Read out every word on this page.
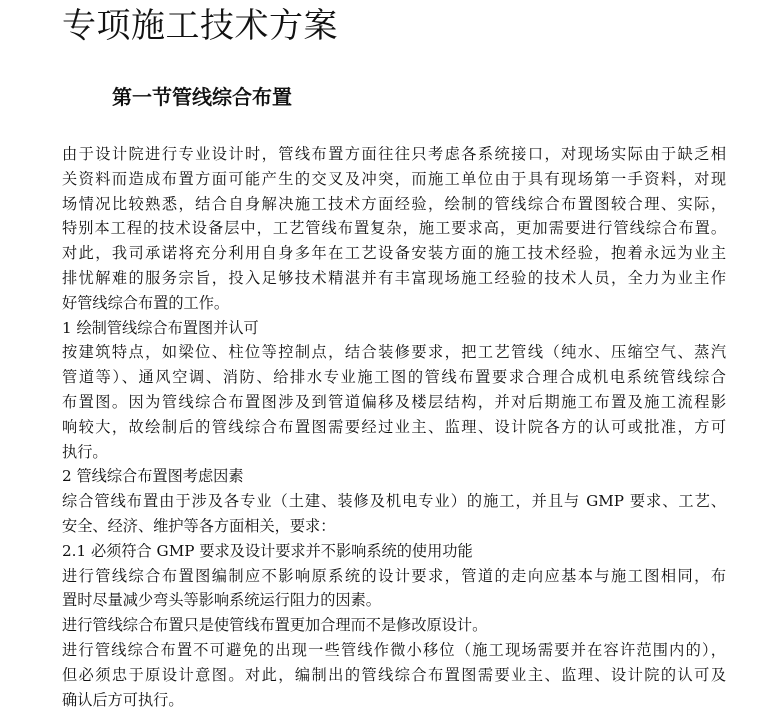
专项施工技术方案
第一节管线综合布置
由于设计院进行专业设计时，管线布置方面往往只考虑各系统接口，对现场实际由于缺乏相
关资料而造成布置方面可能产生的交叉及冲突，而施工单位由于具有现场第一手资料，对现
场情况比较熟悉，结合自身解决施工技术方面经验，绘制的管线综合布置图较合理、实际，
特别本工程的技术设备层中，工艺管线布置复杂，施工要求高，更加需要进行管线综合布置。
对此，我司承诺将充分利用自身多年在工艺设备安装方面的施工技术经验，抱着永远为业主
排忧解难的服务宗旨，投入足够技术精湛并有丰富现场施工经验的技术人员，全力为业主作
好管线综合布置的工作。
1 绘制管线综合布置图并认可
按建筑特点，如梁位、柱位等控制点，结合装修要求，把工艺管线（纯水、压缩空气、蒸汽
管道等）、通风空调、消防、给排水专业施工图的管线布置要求合理合成机电系统管线综合
布置图。因为管线综合布置图涉及到管道偏移及楼层结构，并对后期施工布置及施工流程影
响较大，故绘制后的管线综合布置图需要经过业主、监理、设计院各方的认可或批准，方可
执行。
2 管线综合布置图考虑因素
综合管线布置由于涉及各专业（土建、装修及机电专业）的施工，并且与 GMP 要求、工艺、
安全、经济、维护等各方面相关，要求：
2.1 必须符合 GMP 要求及设计要求并不影响系统的使用功能
进行管线综合布置图编制应不影响原系统的设计要求，管道的走向应基本与施工图相同，布
置时尽量减少弯头等影响系统运行阻力的因素。
进行管线综合布置只是使管线布置更加合理而不是修改原设计。
进行管线综合布置不可避免的出现一些管线作微小移位（施工现场需要并在容许范围内的），
但必须忠于原设计意图。对此，编制出的管线综合布置图需要业主、监理、设计院的认可及
确认后方可执行。
